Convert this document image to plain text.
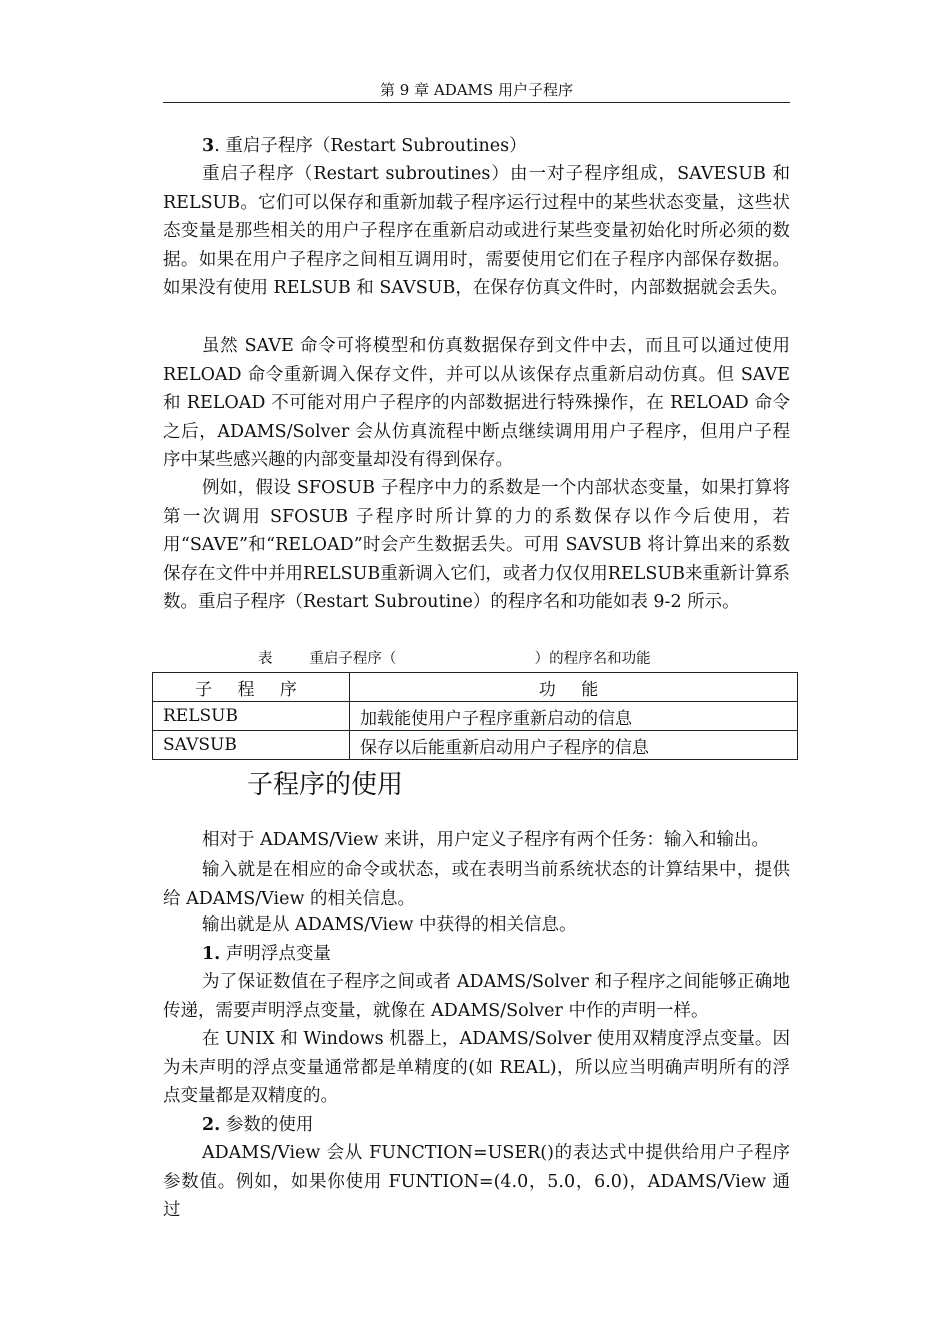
第 9 章 ADAMS 用户子程序

3. 重启子程序（Restart Subroutines）

重启子程序（Restart subroutines）由一对子程序组成，SAVESUB 和 RELSUB。它们可以保存和重新加载子程序运行过程中的某些状态变量，这些状态变量是那些相关的用户子程序在重新启动或进行某些变量初始化时所必须的数据。如果在用户子程序之间相互调用时，需要使用它们在子程序内部保存数据。如果没有使用 RELSUB 和 SAVSUB，在保存仿真文件时，内部数据就会丢失。

虽然 SAVE 命令可将模型和仿真数据保存到文件中去，而且可以通过使用 RELOAD 命令重新调入保存文件，并可以从该保存点重新启动仿真。但 SAVE 和 RELOAD 不可能对用户子程序的内部数据进行特殊操作，在 RELOAD 命令之后，ADAMS/Solver 会从仿真流程中断点继续调用用户子程序，但用户子程序中某些感兴趣的内部变量却没有得到保存。

例如，假设 SFOSUB 子程序中力的系数是一个内部状态变量，如果打算将第一次调用 SFOSUB 子程序时所计算的力的系数保存以作今后使用，若用“SAVE”和“RELOAD”时会产生数据丢失。可用 SAVSUB 将计算出来的系数保存在文件中并用RELSUB重新调入它们，或者力仅仅用RELSUB来重新计算系数。重启子程序（Restart Subroutine）的程序名和功能如表 9-2 所示。

表        重启子程序（                              ）的程序名和功能
子 程 序	功 能
RELSUB	加载能使用户子程序重新启动的信息
SAVSUB	保存以后能重新启动用户子程序的信息
子程序的使用

相对于 ADAMS/View 来讲，用户定义子程序有两个任务：输入和输出。

输入就是在相应的命令或状态，或在表明当前系统状态的计算结果中，提供给 ADAMS/View 的相关信息。

输出就是从 ADAMS/View 中获得的相关信息。

1. 声明浮点变量

为了保证数值在子程序之间或者 ADAMS/Solver 和子程序之间能够正确地传递，需要声明浮点变量，就像在 ADAMS/Solver 中作的声明一样。

在 UNIX 和 Windows 机器上，ADAMS/Solver 使用双精度浮点变量。因为未声明的浮点变量通常都是单精度的(如 REAL)，所以应当明确声明所有的浮点变量都是双精度的。

2. 参数的使用

ADAMS/View 会从 FUNCTION=USER()的表达式中提供给用户子程序参数值。例如，如果你使用 FUNTION=(4.0，5.0，6.0)，ADAMS/View 通过
